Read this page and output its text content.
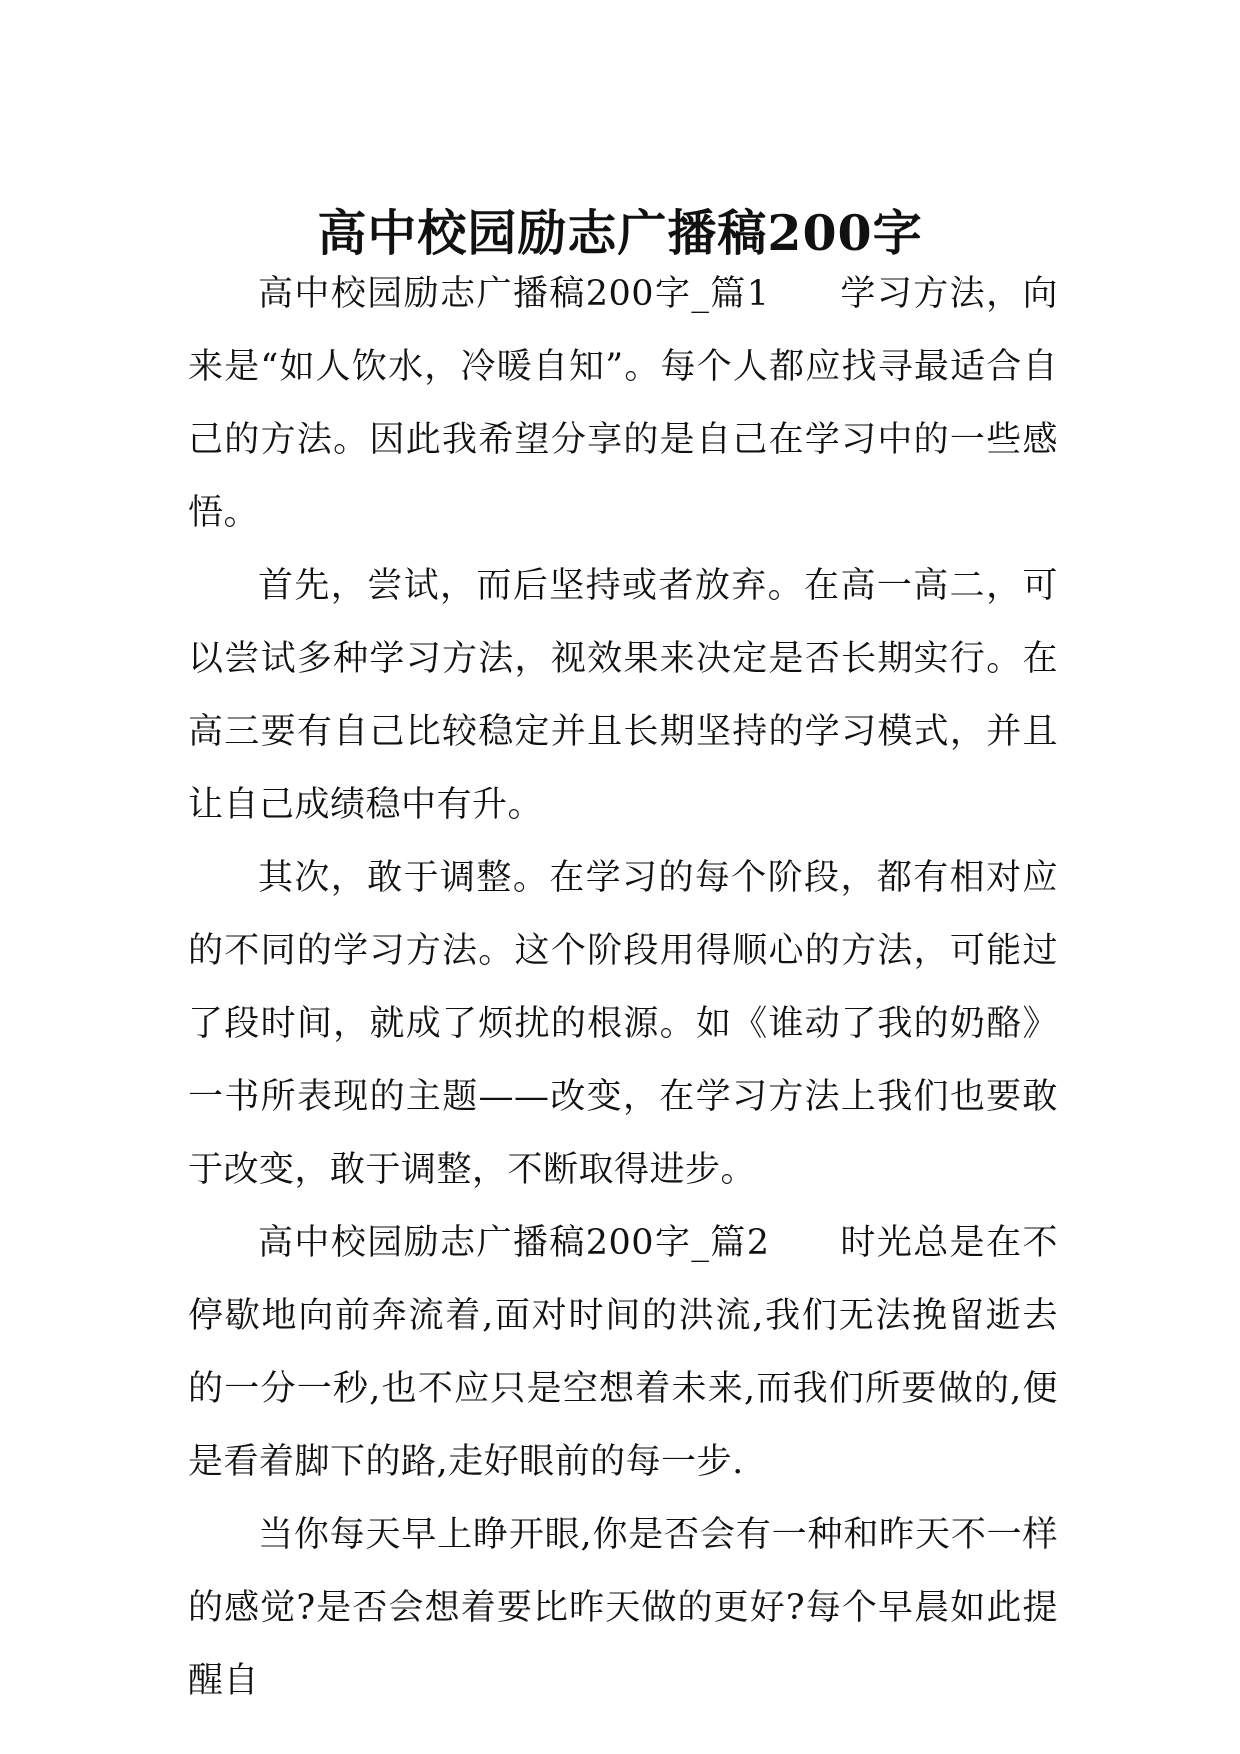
高中校园励志广播稿200字

高中校园励志广播稿200字_篇1 学习方法，向来是“如人饮水，冷暖自知”。每个人都应找寻最适合自己的方法。因此我希望分享的是自己在学习中的一些感悟。

首先，尝试，而后坚持或者放弃。在高一高二，可以尝试多种学习方法，视效果来决定是否长期实行。在高三要有自己比较稳定并且长期坚持的学习模式，并且让自己成绩稳中有升。

其次，敢于调整。在学习的每个阶段，都有相对应的不同的学习方法。这个阶段用得顺心的方法，可能过了段时间，就成了烦扰的根源。如《谁动了我的奶酪》一书所表现的主题——改变，在学习方法上我们也要敢于改变，敢于调整，不断取得进步。

高中校园励志广播稿200字_篇2 时光总是在不停歇地向前奔流着,面对时间的洪流,我们无法挽留逝去的一分一秒,也不应只是空想着未来,而我们所要做的,便是看着脚下的路,走好眼前的每一步.

当你每天早上睁开眼,你是否会有一种和昨天不一样的感觉?是否会想着要比昨天做的更好?每个早晨如此提醒自
